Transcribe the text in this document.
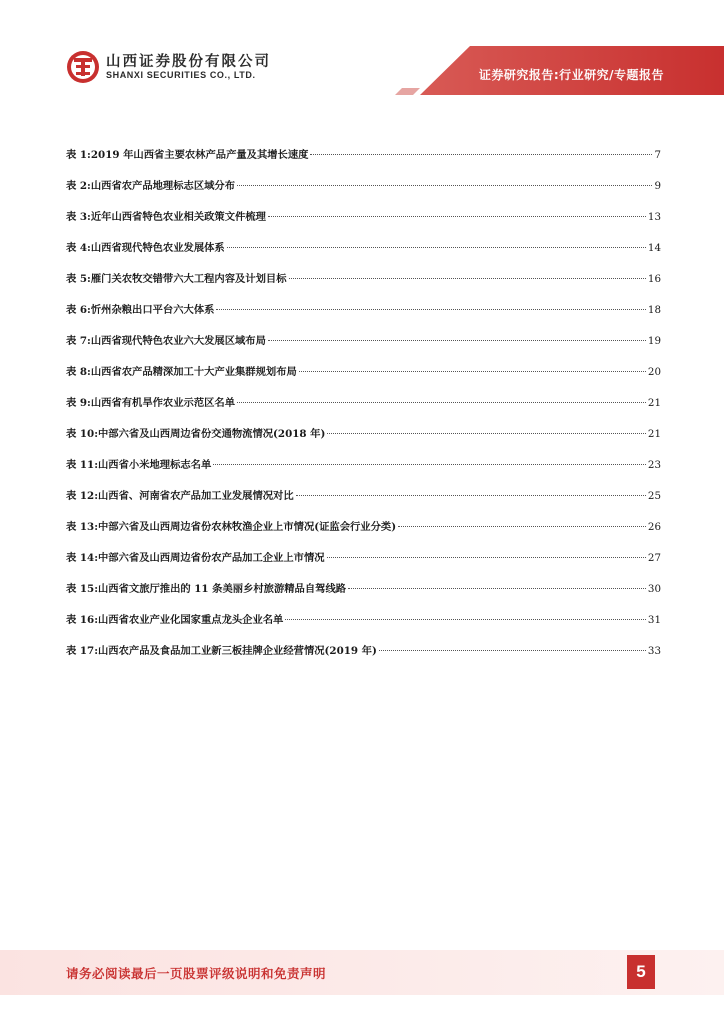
山西证券股份有限公司
SHANXI SECURITIES CO., LTD.	证券研究报告:行业研究/专题报告
表 1: 2019 年山西省主要农林产品产量及其增长速度	7
表 2: 山西省农产品地理标志区域分布	9
表 3: 近年山西省特色农业相关政策文件梳理	13
表 4: 山西省现代特色农业发展体系	14
表 5: 雁门关农牧交错带六大工程内容及计划目标	16
表 6: 忻州杂粮出口平台六大体系	18
表 7: 山西省现代特色农业六大发展区域布局	19
表 8: 山西省农产品精深加工十大产业集群规划布局	20
表 9: 山西省有机旱作农业示范区名单	21
表 10: 中部六省及山西周边省份交通物流情况(2018 年)	21
表 11: 山西省小米地理标志名单	23
表 12: 山西省、河南省农产品加工业发展情况对比	25
表 13: 中部六省及山西周边省份农林牧渔企业上市情况(证监会行业分类)	26
表 14: 中部六省及山西周边省份农产品加工企业上市情况	27
表 15: 山西省文旅厅推出的 11 条美丽乡村旅游精品自驾线路	30
表 16: 山西省农业产业化国家重点龙头企业名单	31
表 17: 山西农产品及食品加工业新三板挂牌企业经营情况(2019 年)	33
请务必阅读最后一页股票评级说明和免责声明	5
